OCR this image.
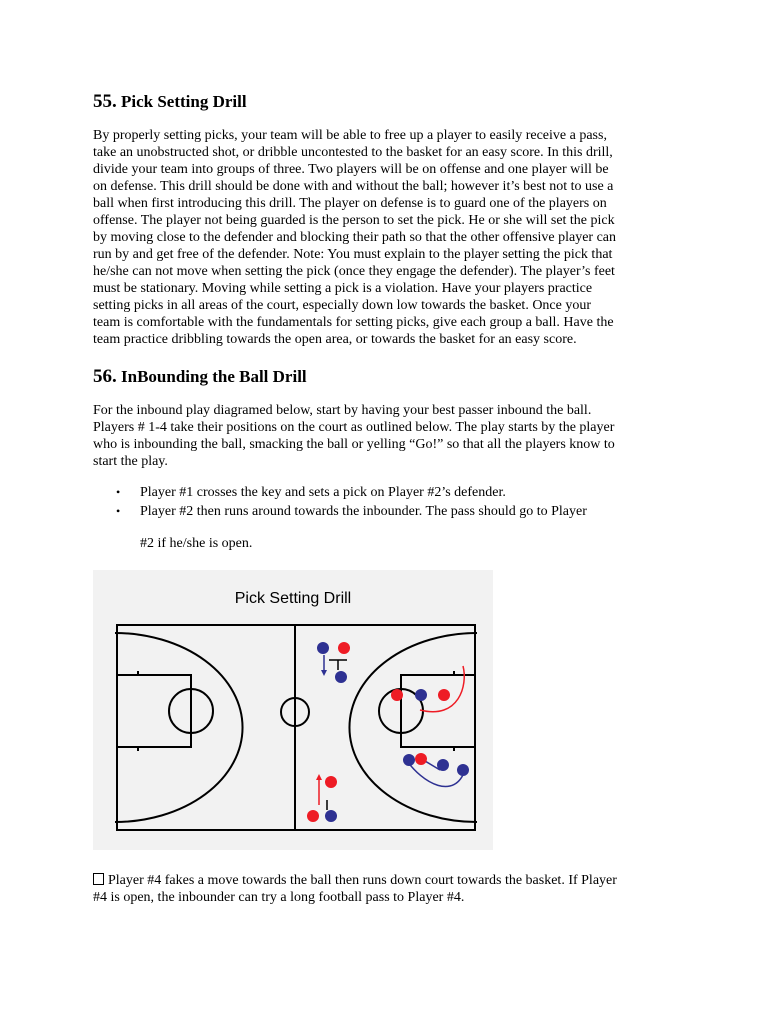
55. Pick Setting Drill
By properly setting picks, your team will be able to free up a player to easily receive a pass,
take an unobstructed shot, or dribble uncontested to the basket for an easy score. In this drill,
divide your team into groups of three. Two players will be on offense and one player will be
on defense. This drill should be done with and without the ball; however it’s best not to use a
ball when first introducing this drill. The player on defense is to guard one of the players on
offense. The player not being guarded is the person to set the pick. He or she will set the pick
by moving close to the defender and blocking their path so that the other offensive player can
run by and get free of the defender. Note: You must explain to the player setting the pick that
he/she can not move when setting the pick (once they engage the defender). The player’s feet
must be stationary. Moving while setting a pick is a violation. Have your players practice
setting picks in all areas of the court, especially down low towards the basket. Once your
team is comfortable with the fundamentals for setting picks, give each group a ball. Have the
team practice dribbling towards the open area, or towards the basket for an easy score.
56. InBounding the Ball Drill
For the inbound play diagramed below, start by having your best passer inbound the ball.
Players # 1-4 take their positions on the court as outlined below. The play starts by the player
who is inbounding the ball, smacking the ball or yelling “Go!” so that all the players know to
start the play.
• Player #1 crosses the key and sets a pick on Player #2’s defender.
• Player #2 then runs around towards the inbounder. The pass should go to Player
#2 if he/she is open.
Pick Setting Drill
Player #4 fakes a move towards the ball then runs down court towards the basket. If Player
#4 is open, the inbounder can try a long football pass to Player #4.
